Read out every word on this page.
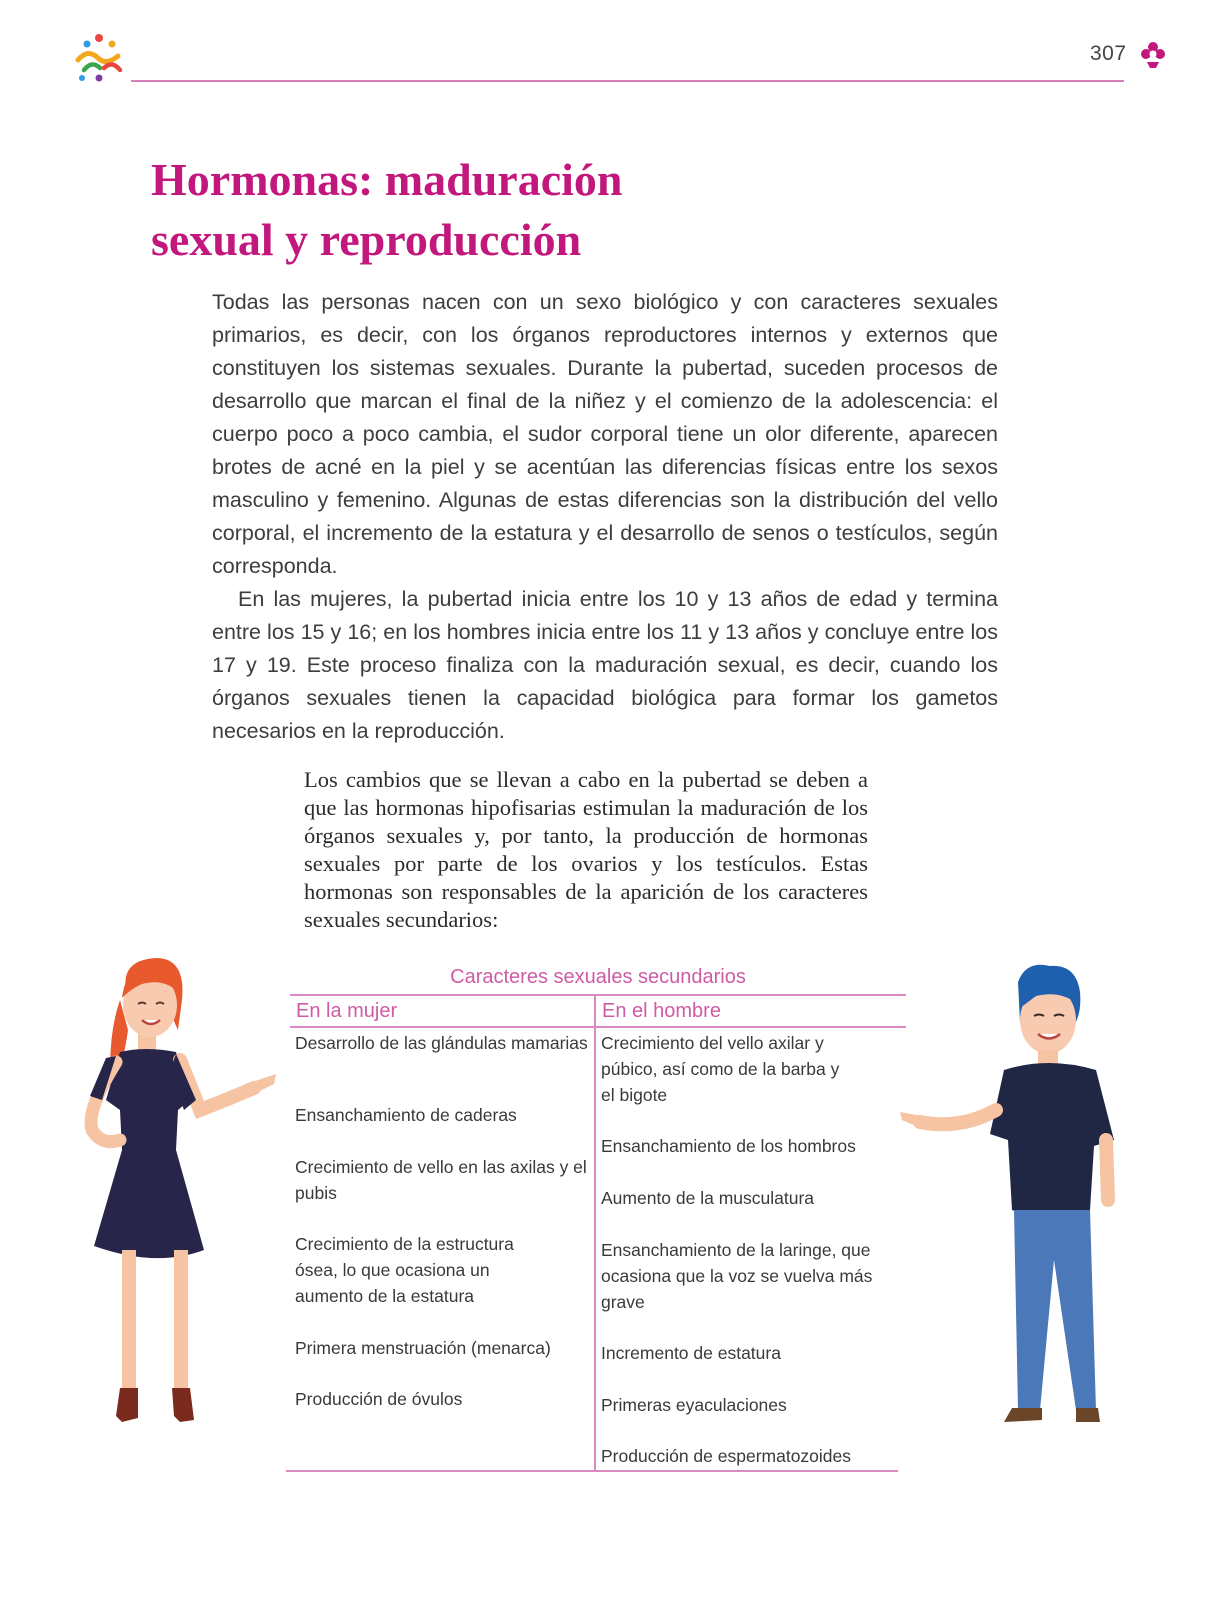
307
Hormonas: maduración
sexual y reproducción

Todas las personas nacen con un sexo biológico y con caracteres sexuales primarios, es decir, con los órganos reproductores internos y externos que constituyen los sistemas sexuales. Durante la pubertad, suceden procesos de desarrollo que marcan el final de la niñez y el comienzo de la adolescencia: el cuerpo poco a poco cambia, el sudor corporal tiene un olor diferente, aparecen brotes de acné en la piel y se acentúan las diferencias físicas entre los sexos masculino y femenino. Algunas de estas diferencias son la distribución del vello corporal, el incremento de la estatura y el desarrollo de senos o testículos, según corresponda.

En las mujeres, la pubertad inicia entre los 10 y 13 años de edad y termina entre los 15 y 16; en los hombres inicia entre los 11 y 13 años y concluye entre los 17 y 19. Este proceso finaliza con la maduración sexual, es decir, cuando los órganos sexuales tienen la capacidad biológica para formar los gametos necesarios en la reproducción.

Los cambios que se llevan a cabo en la pubertad se deben a que las hormonas hipofisarias estimulan la maduración de los órganos sexuales y, por tanto, la producción de hormonas sexuales por parte de los ovarios y los testículos. Estas hormonas son responsables de la aparición de los caracteres sexuales secundarios:

Caracteres sexuales secundarios
En la mujer	En el hombre
Desarrollo de las glándulas mamarias
Ensanchamiento de caderas
Crecimiento de vello en las axilas y el pubis
Crecimiento de la estructura ósea, lo que ocasiona un aumento de la estatura
Primera menstruación (menarca)
Producción de óvulos
Crecimiento del vello axilar y púbico, así como de la barba y el bigote
Ensanchamiento de los hombros
Aumento de la musculatura
Ensanchamiento de la laringe, que ocasiona que la voz se vuelva más grave
Incremento de estatura
Primeras eyaculaciones
Producción de espermatozoides
